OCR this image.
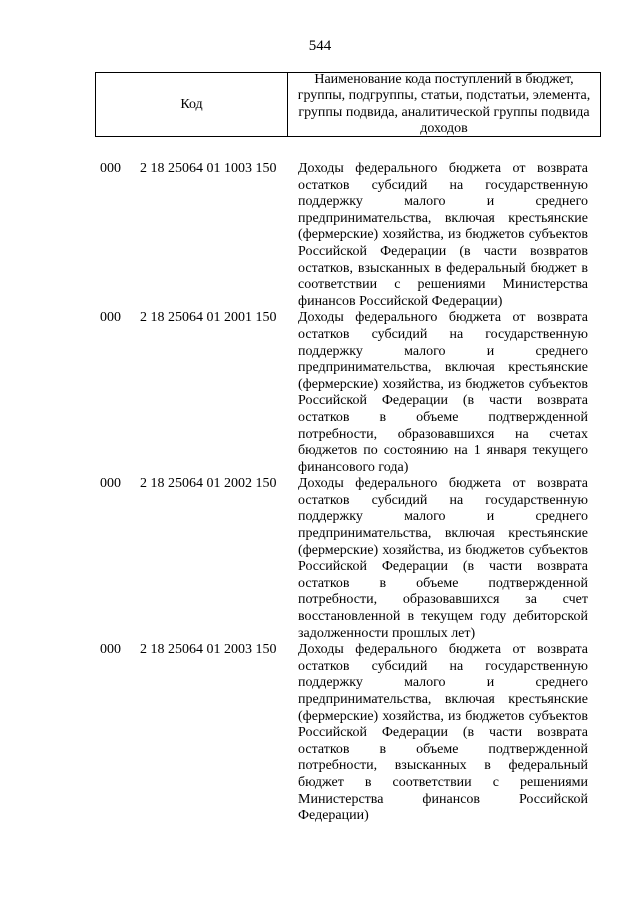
544
Код
Наименование кода поступлений в бюджет, группы, подгруппы, статьи, подстатьи, элемента, группы подвида, аналитической группы подвида доходов
000 2 18 25064 01 1003 150 Доходы федерального бюджета от возврата остатков субсидий на государственную поддержку малого и среднего предпринимательства, включая крестьянские (фермерские) хозяйства, из бюджетов субъектов Российской Федерации (в части возвратов остатков, взысканных в федеральный бюджет в соответствии с решениями Министерства финансов Российской Федерации)
000 2 18 25064 01 2001 150 Доходы федерального бюджета от возврата остатков субсидий на государственную поддержку малого и среднего предпринимательства, включая крестьянские (фермерские) хозяйства, из бюджетов субъектов Российской Федерации (в части возврата остатков в объеме подтвержденной потребности, образовавшихся на счетах бюджетов по состоянию на 1 января текущего финансового года)
000 2 18 25064 01 2002 150 Доходы федерального бюджета от возврата остатков субсидий на государственную поддержку малого и среднего предпринимательства, включая крестьянские (фермерские) хозяйства, из бюджетов субъектов Российской Федерации (в части возврата остатков в объеме подтвержденной потребности, образовавшихся за счет восстановленной в текущем году дебиторской задолженности прошлых лет)
000 2 18 25064 01 2003 150 Доходы федерального бюджета от возврата остатков субсидий на государственную поддержку малого и среднего предпринимательства, включая крестьянские (фермерские) хозяйства, из бюджетов субъектов Российской Федерации (в части возврата остатков в объеме подтвержденной потребности, взысканных в федеральный бюджет в соответствии с решениями Министерства финансов Российской Федерации)
